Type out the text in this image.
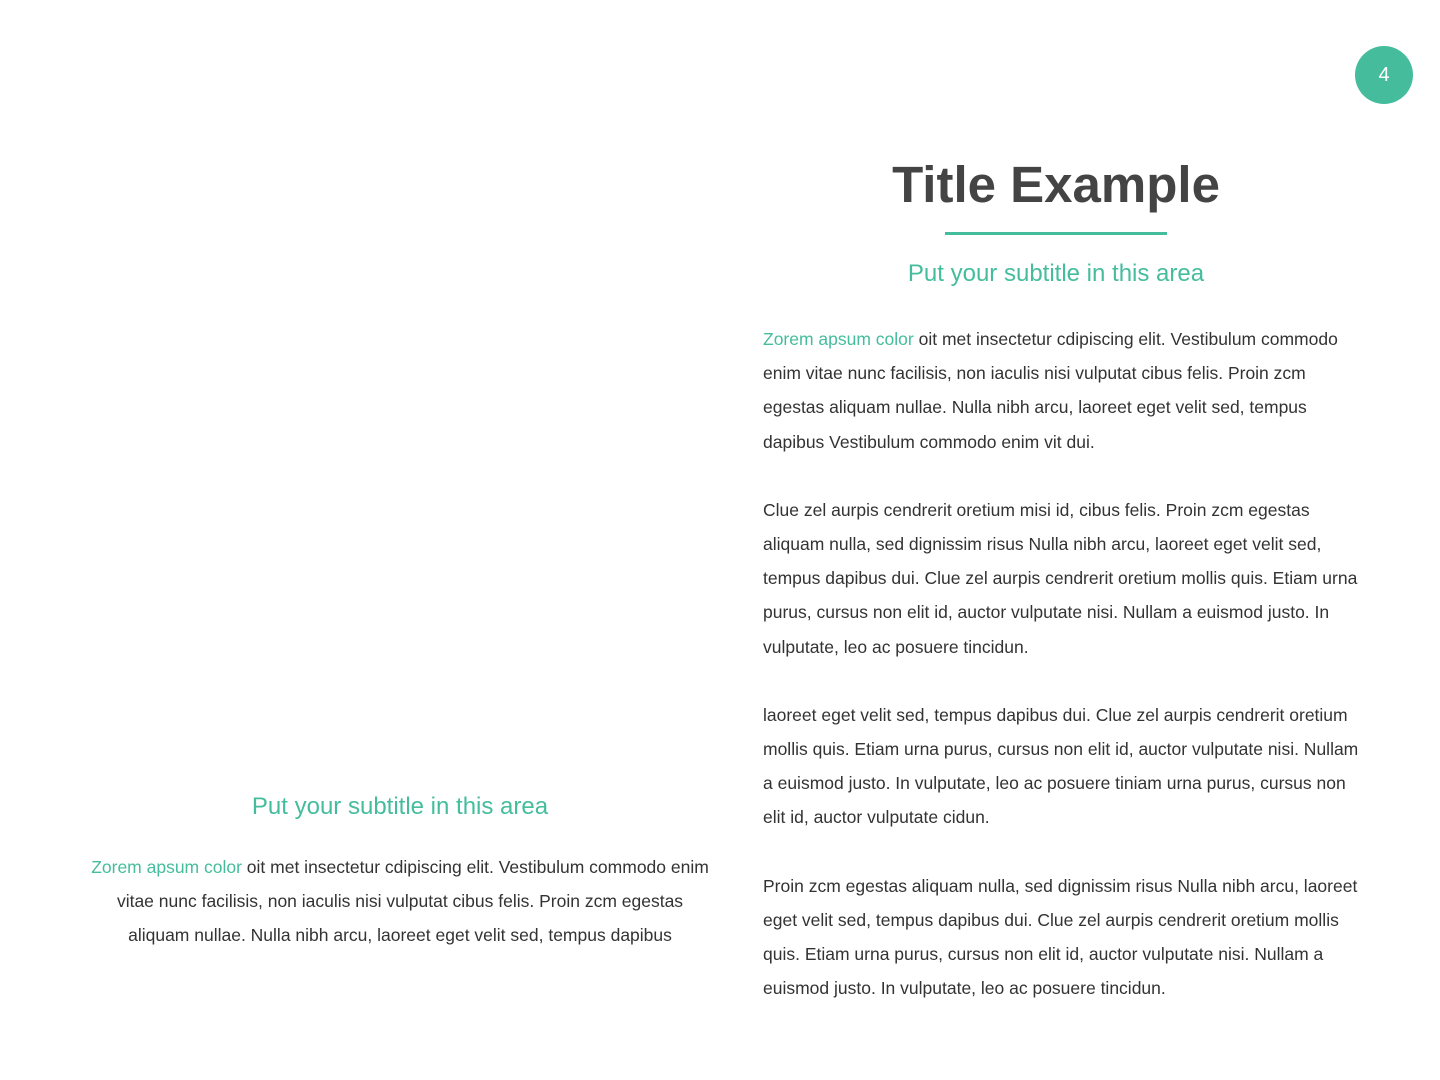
4
Title Example
Put your subtitle in this area

Zorem apsum color oit met insectetur cdipiscing elit. Vestibulum commodo enim vitae nunc facilisis, non iaculis nisi vulputat cibus felis. Proin zcm egestas aliquam nullae. Nulla nibh arcu, laoreet eget velit sed, tempus dapibus Vestibulum commodo enim vit dui.

Clue zel aurpis cendrerit oretium misi id, cibus felis. Proin zcm egestas aliquam nulla, sed dignissim risus Nulla nibh arcu, laoreet eget velit sed, tempus dapibus dui. Clue zel aurpis cendrerit oretium mollis quis. Etiam urna purus, cursus non elit id, auctor vulputate nisi. Nullam a euismod justo. In vulputate, leo ac posuere tincidun.

laoreet eget velit sed, tempus dapibus dui. Clue zel aurpis cendrerit oretium mollis quis. Etiam urna purus, cursus non elit id, auctor vulputate nisi. Nullam a euismod justo. In vulputate, leo ac posuere tiniam urna purus, cursus non elit id, auctor vulputate cidun.

Proin zcm egestas aliquam nulla, sed dignissim risus Nulla nibh arcu, laoreet eget velit sed, tempus dapibus dui. Clue zel aurpis cendrerit oretium mollis quis. Etiam urna purus, cursus non elit id, auctor vulputate nisi. Nullam a euismod justo. In vulputate, leo ac posuere tincidun.

Put your subtitle in this area

Zorem apsum color oit met insectetur cdipiscing elit. Vestibulum commodo enim vitae nunc facilisis, non iaculis nisi vulputat cibus felis. Proin zcm egestas aliquam nullae. Nulla nibh arcu, laoreet eget velit sed, tempus dapibus
